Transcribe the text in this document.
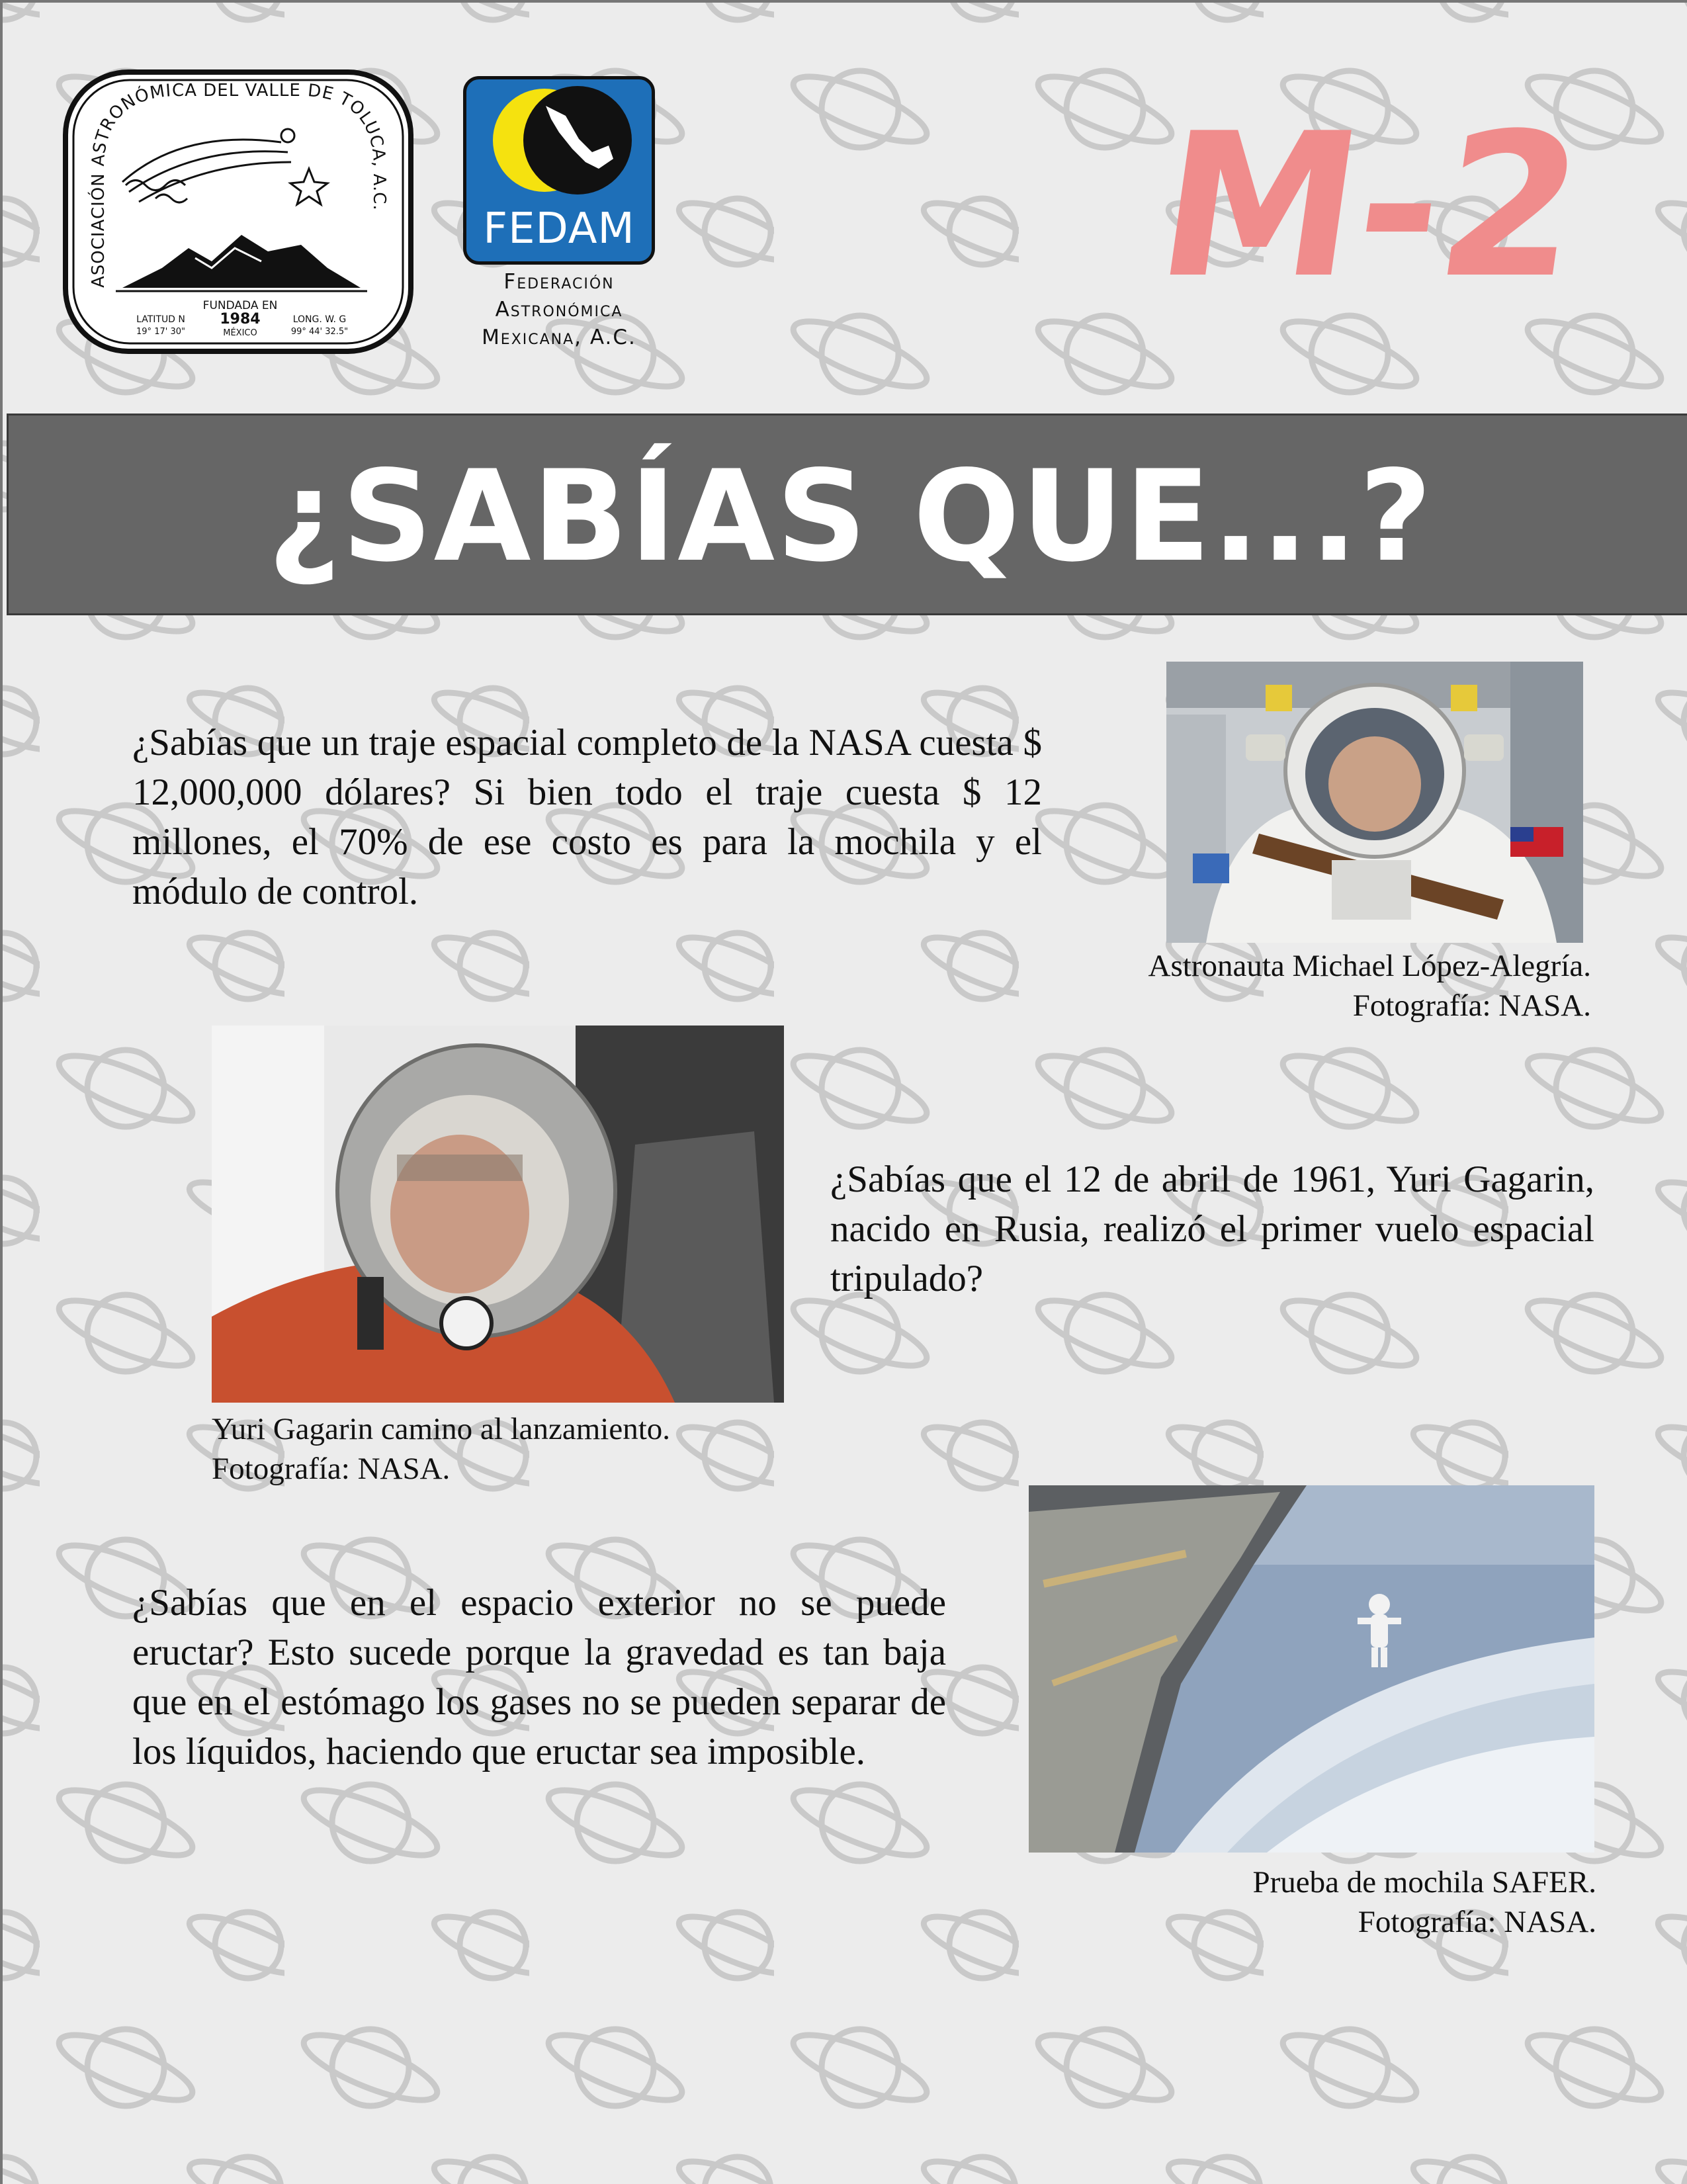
ASOCIACIÓN ASTRONÓMICA DEL VALLE DE TOLUCA, A.C.
FUNDADA EN
1984
MÉXICO
LATITUD N
19° 17' 30"
LONG. W. G
99° 44' 32.5"
FEDAM
Federación
Astronómica
Mexicana, A.C.
M-2
¿SABÍAS QUE...?

¿Sabías que un traje espacial completo de la NASA cuesta $ 12,000,000 dólares? Si bien todo el traje cuesta $ 12 millones, el 70% de ese costo es para la mochila y el módulo de control.

Astronauta Michael López-Alegría.
Fotografía: NASA.
Yuri Gagarin camino al lanzamiento.
Fotografía: NASA.

¿Sabías que el 12 de abril de 1961, Yuri Gagarin, nacido en Rusia, realizó el primer vuelo espacial tripulado?

¿Sabías que en el espacio exterior no se puede eructar? Esto sucede porque la gravedad es tan baja que en el estómago los gases no se pueden separar de los líquidos, haciendo que eructar sea imposible.

Prueba de mochila SAFER.
Fotografía: NASA.
